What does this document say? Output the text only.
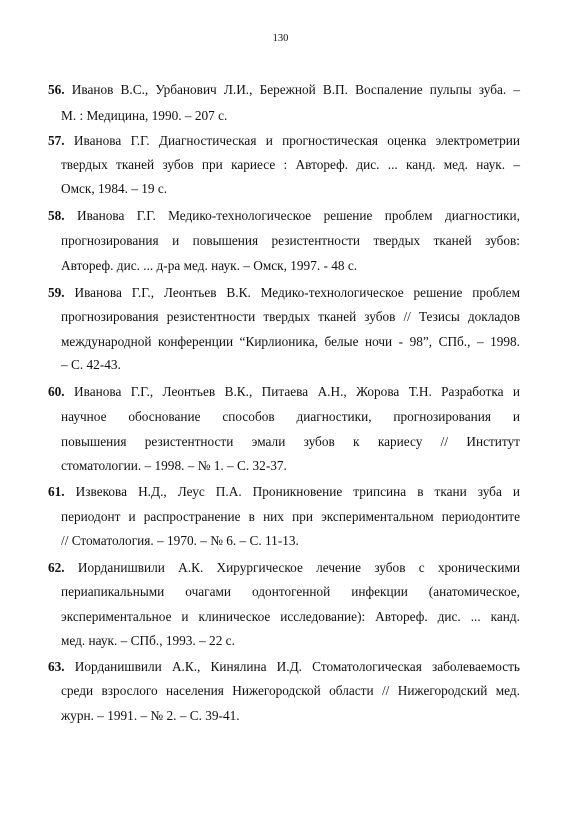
130
56. Иванов В.С., Урбанович Л.И., Бережной В.П. Воспаление пульпы зуба. –
М. : Медицина, 1990. – 207 с.
57. Иванова Г.Г. Диагностическая и прогностическая оценка электрометрии
твердых тканей зубов при кариесе : Автореф. дис. ... канд. мед. наук. –
Омск, 1984. – 19 с.
58. Иванова Г.Г. Медико-технологическое решение проблем диагностики,
прогнозирования и повышения резистентности твердых тканей зубов:
Автореф. дис. ... д-ра мед. наук. – Омск, 1997. - 48 с.
59. Иванова Г.Г., Леонтьев В.К. Медико-технологическое решение проблем
прогнозирования резистентности твердых тканей зубов // Тезисы докладов
международной конференции “Кирлионика, белые ночи - 98”, СПб., – 1998.
– С. 42-43.
60. Иванова Г.Г., Леонтьев В.К., Питаева А.Н., Жорова Т.Н. Разработка и
научное обоснование способов диагностики, прогнозирования и
повышения резистентности эмали зубов к кариесу // Институт
стоматологии. – 1998. – № 1. – С. 32-37.
61. Извекова Н.Д., Леус П.А. Проникновение трипсина в ткани зуба и
периодонт и распространение в них при экспериментальном периодонтите
// Стоматология. – 1970. – № 6. – С. 11-13.
62. Иорданишвили А.К. Хирургическое лечение зубов с хроническими
периапикальными очагами одонтогенной инфекции (анатомическое,
экспериментальное и клиническое исследование): Автореф. дис. ... канд.
мед. наук. – СПб., 1993. – 22 с.
63. Иорданишвили А.К., Кинялина И.Д. Стоматологическая заболеваемость
среди взрослого населения Нижегородской области // Нижегородский мед.
журн. – 1991. – № 2. – С. 39-41.
